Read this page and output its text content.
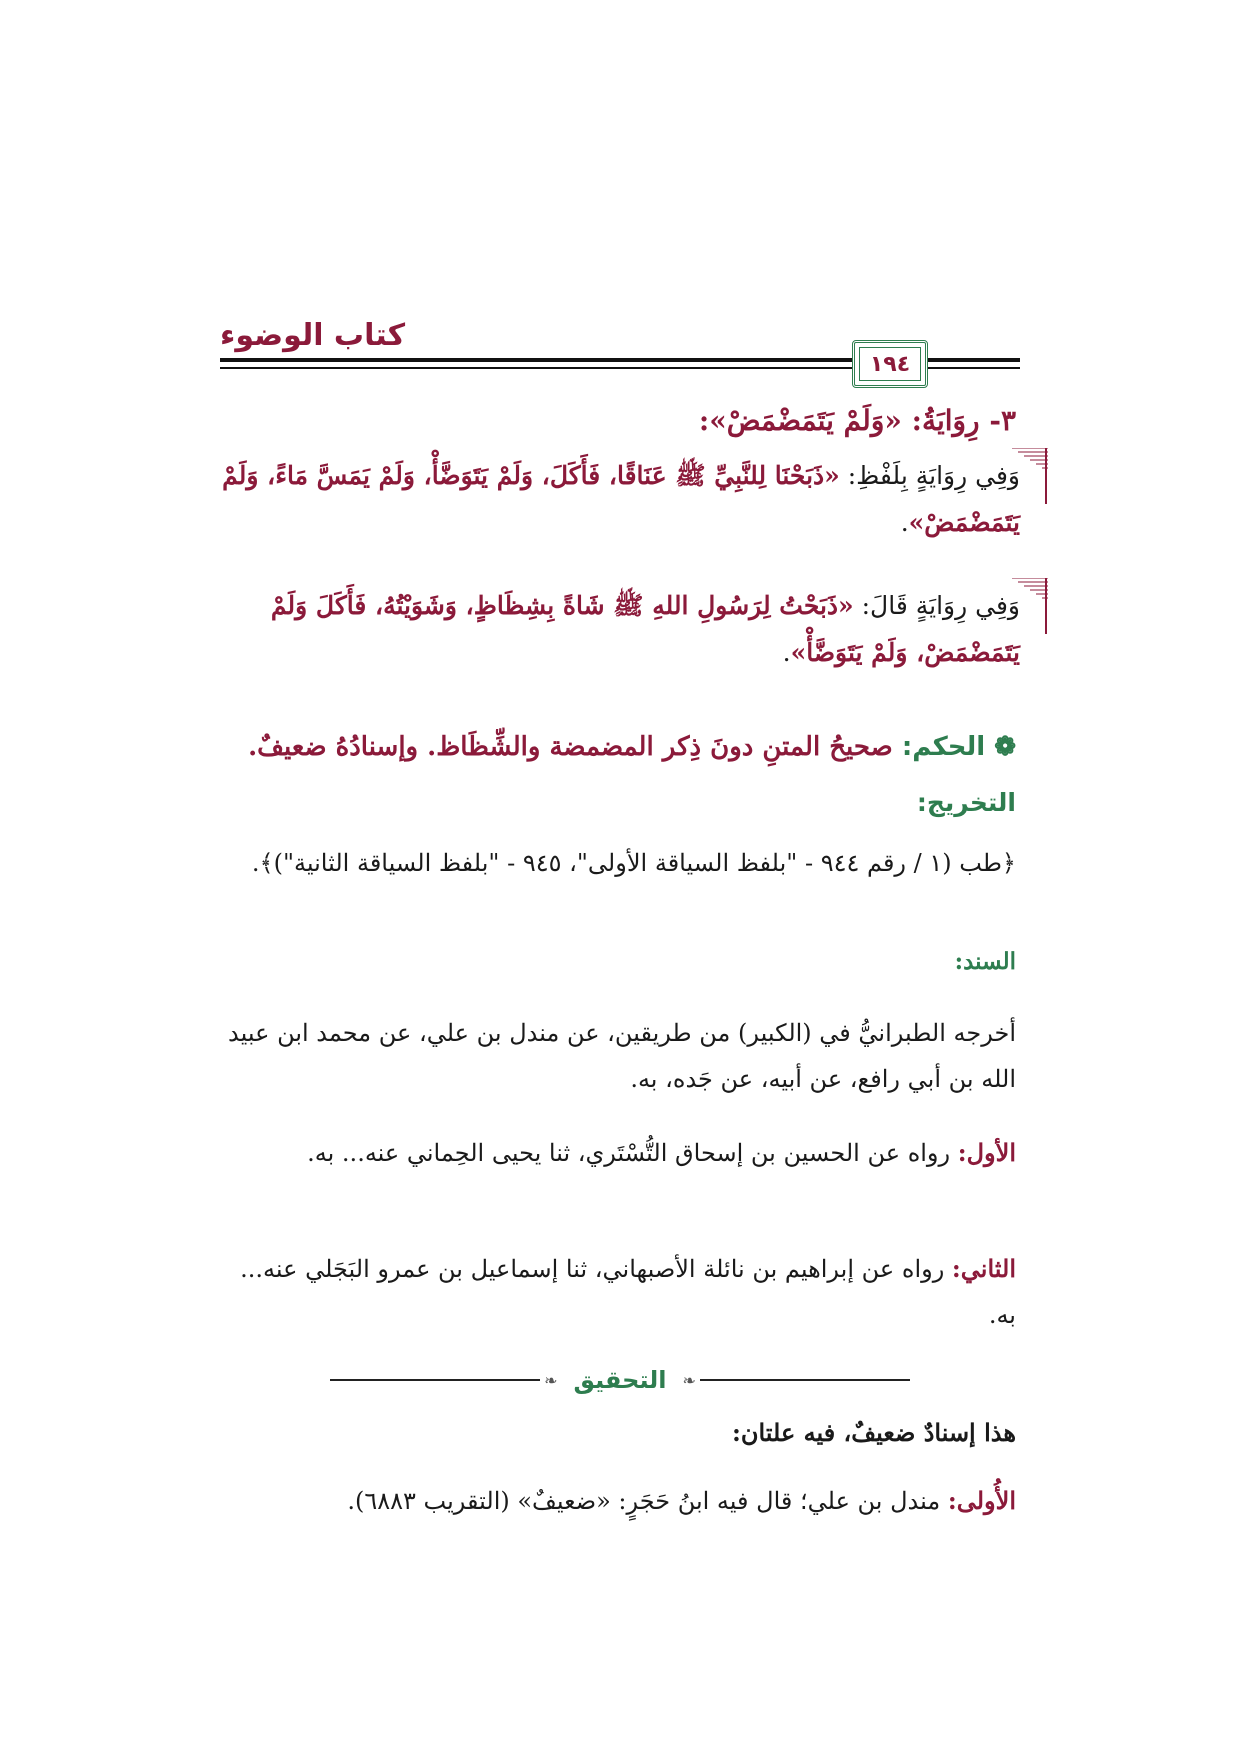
كتاب الوضوء
١٩٤
٣- رِوَايَةُ: «وَلَمْ يَتَمَضْمَضْ»:

وَفِي رِوَايَةٍ بِلَفْظِ: «ذَبَحْنَا لِلنَّبِيِّ ﷺ عَنَاقًا، فَأَكَلَ، وَلَمْ يَتَوَضَّأْ، وَلَمْ يَمَسَّ مَاءً، وَلَمْ يَتَمَضْمَضْ».

وَفِي رِوَايَةٍ قَالَ: «ذَبَحْتُ لِرَسُولِ اللهِ ﷺ شَاةً بِشِظَاظٍ، وَشَوَيْتُهُ، فَأَكَلَ وَلَمْ يَتَمَضْمَضْ، وَلَمْ يَتَوَضَّأْ».

❁ الحكم: صحيحُ المتنِ دونَ ذِكر المضمضة والشِّظَاظ. وإسنادُهُ ضعيفٌ.
التخريج:
﴿طب (١ / رقم ٩٤٤ - "بلفظ السياقة الأولى"، ٩٤٥ - "بلفظ السياقة الثانية")﴾.
السند:
أخرجه الطبرانيُّ في (الكبير) من طريقين، عن مندل بن علي، عن محمد ابن عبيد الله بن أبي رافع، عن أبيه، عن جَده، به.
الأول: رواه عن الحسين بن إسحاق التُّسْتَري، ثنا يحيى الحِماني عنه... به.
الثاني: رواه عن إبراهيم بن نائلة الأصبهاني، ثنا إسماعيل بن عمرو البَجَلي عنه... به.
❧
التحقيق
❧
هذا إسنادٌ ضعيفٌ، فيه علتان:
الأُولى: مندل بن علي؛ قال فيه ابنُ حَجَرٍ: «ضعيفٌ» (التقريب ٦٨٨٣).
